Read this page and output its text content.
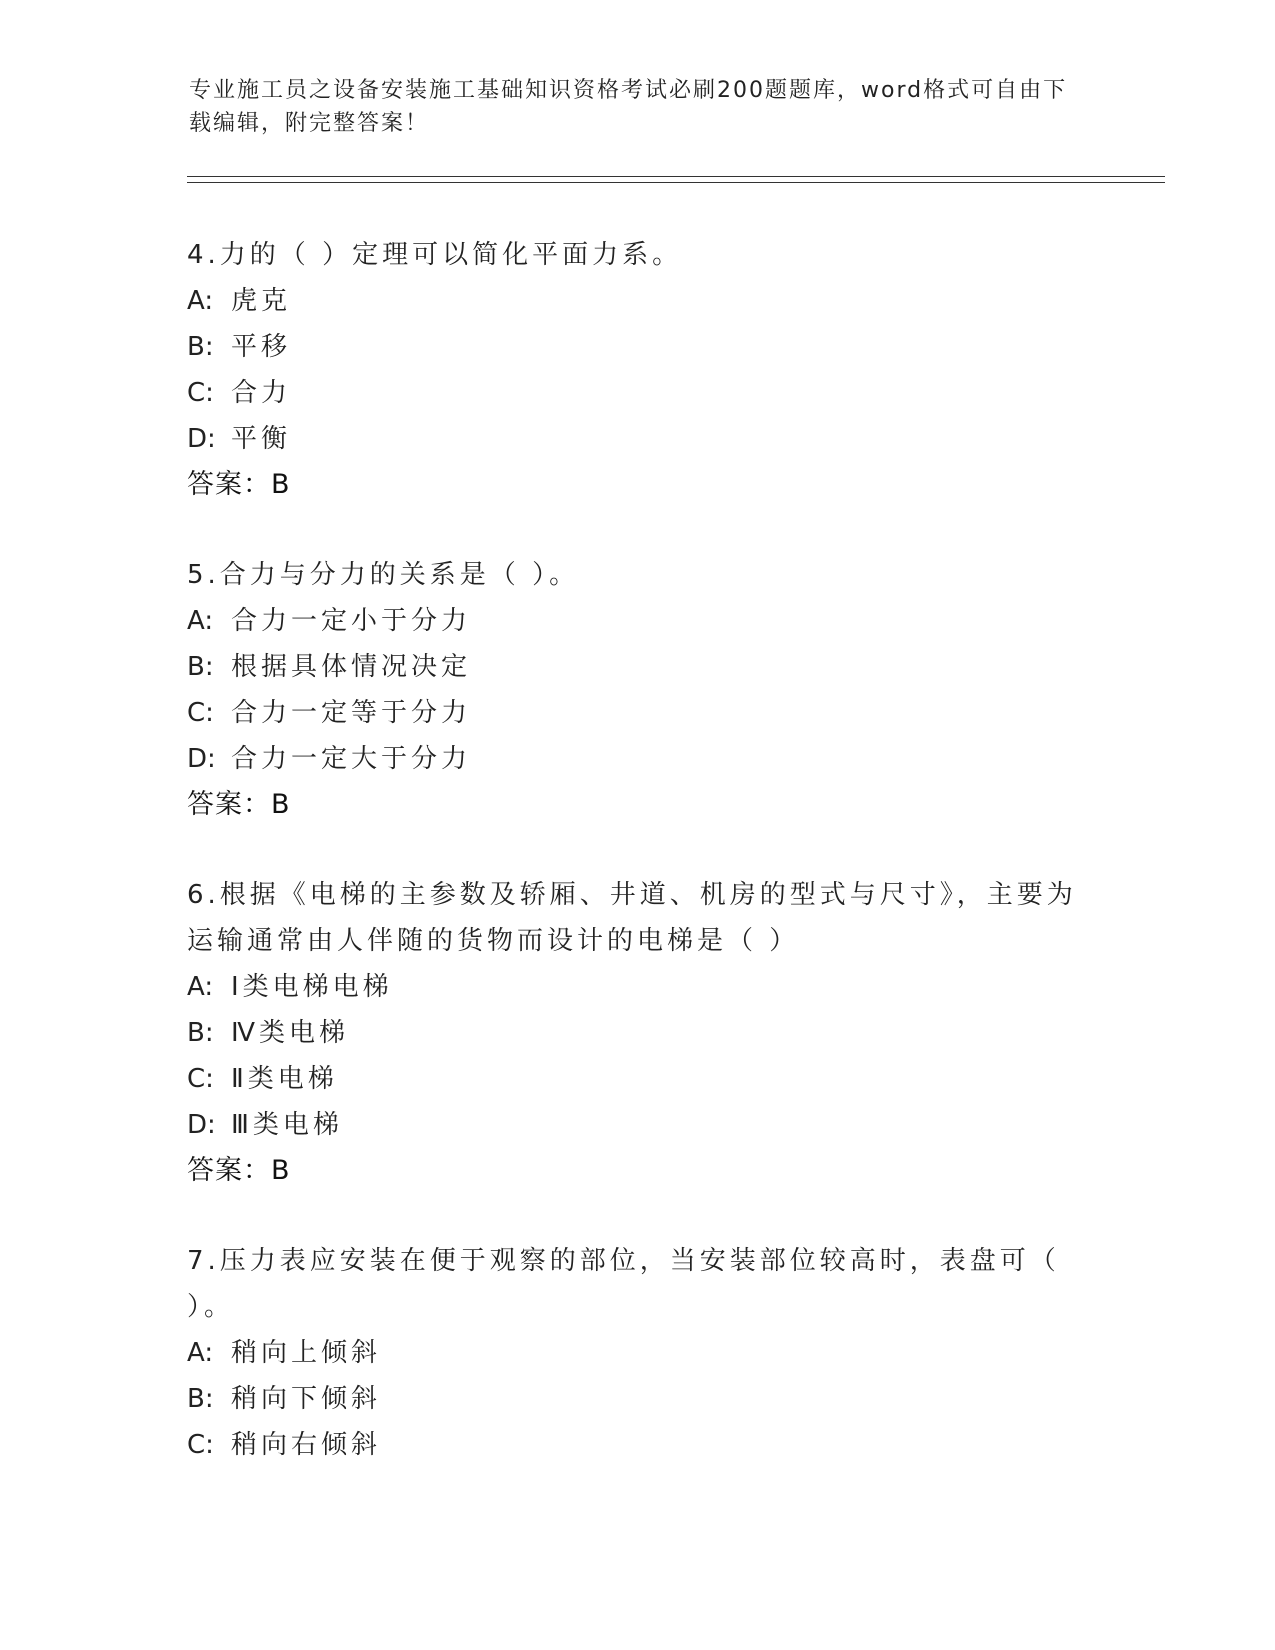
专业施工员之设备安装施工基础知识资格考试必刷200题题库，word格式可自由下载编辑，附完整答案！

4.力的（ ）定理可以简化平面力系。

A: 虎克
B: 平移
C: 合力
D: 平衡

答案：B

5.合力与分力的关系是（ ）。

A: 合力一定小于分力
B: 根据具体情况决定
C: 合力一定等于分力
D: 合力一定大于分力

答案：B

6.根据《电梯的主参数及轿厢、井道、机房的型式与尺寸》，主要为运输通常由人伴随的货物而设计的电梯是（ ）

A: Ⅰ类电梯电梯
B: Ⅳ类电梯
C: Ⅱ类电梯
D: Ⅲ类电梯

答案：B

7.压力表应安装在便于观察的部位，当安装部位较高时，表盘可（ ）。

A: 稍向上倾斜
B: 稍向下倾斜
C: 稍向右倾斜
